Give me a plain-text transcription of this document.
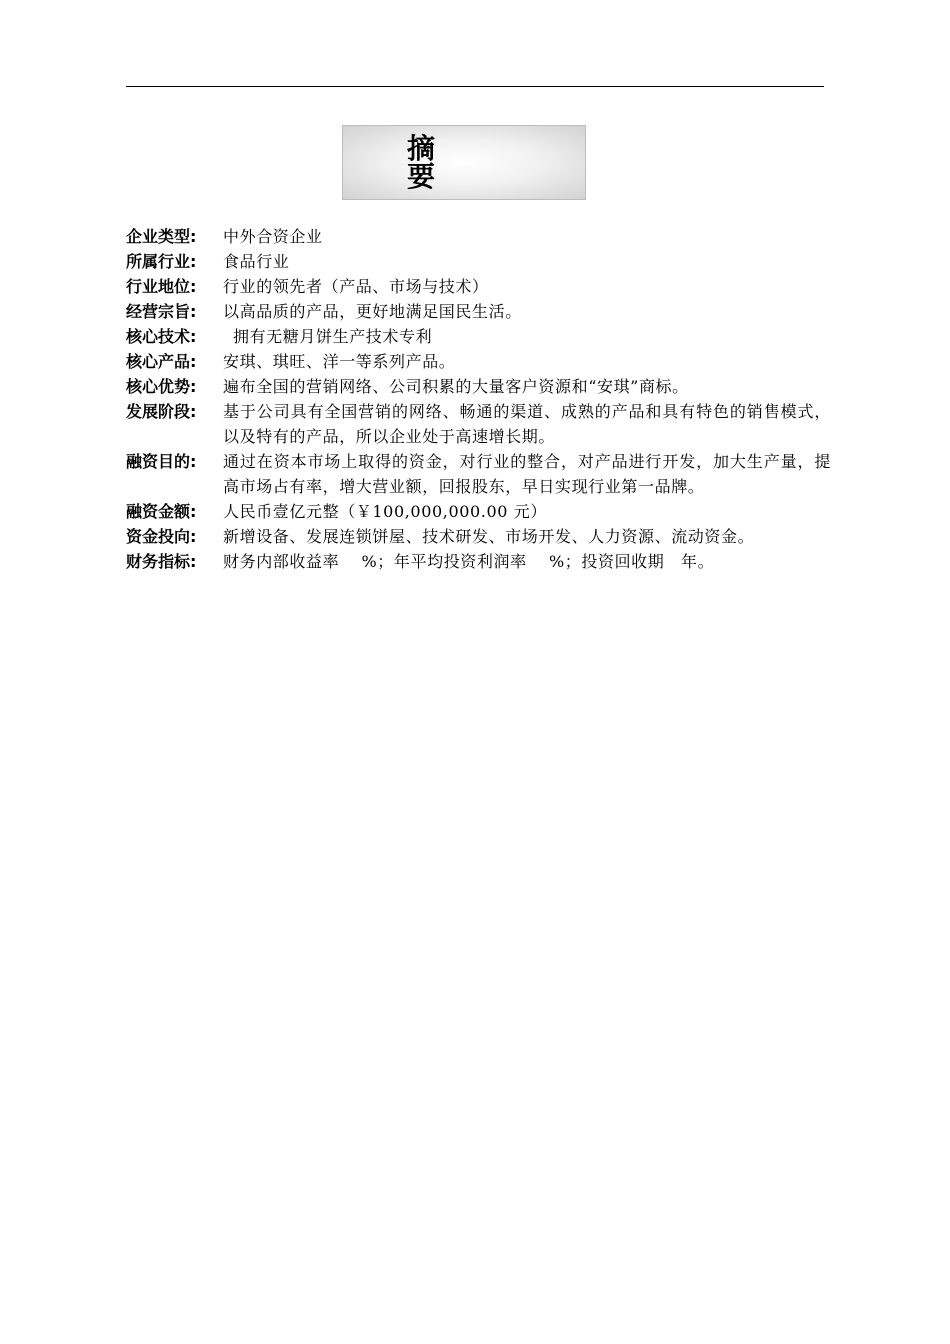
摘要
企业类型:	中外合资企业
所属行业:	食品行业
行业地位:	行业的领先者（产品、市场与技术）
经营宗旨:	以高品质的产品，更好地满足国民生活。
核心技术:	拥有无糖月饼生产技术专利
核心产品:	安琪、琪旺、洋一等系列产品。
核心优势:	遍布全国的营销网络、公司积累的大量客户资源和“安琪”商标。
发展阶段:	基于公司具有全国营销的网络、畅通的渠道、成熟的产品和具有特色的销售模式，以及特有的产品，所以企业处于高速增长期。
融资目的:	通过在资本市场上取得的资金，对行业的整合，对产品进行开发，加大生产量，提高市场占有率，增大营业额，回报股东，早日实现行业第一品牌。
融资金额:	人民币壹亿元整（￥100,000,000.00 元）
资金投向:	新增设备、发展连锁饼屋、技术研发、市场开发、人力资源、流动资金。
财务指标:	财务内部收益率　 %；年平均投资利润率　 %；投资回收期　年。
